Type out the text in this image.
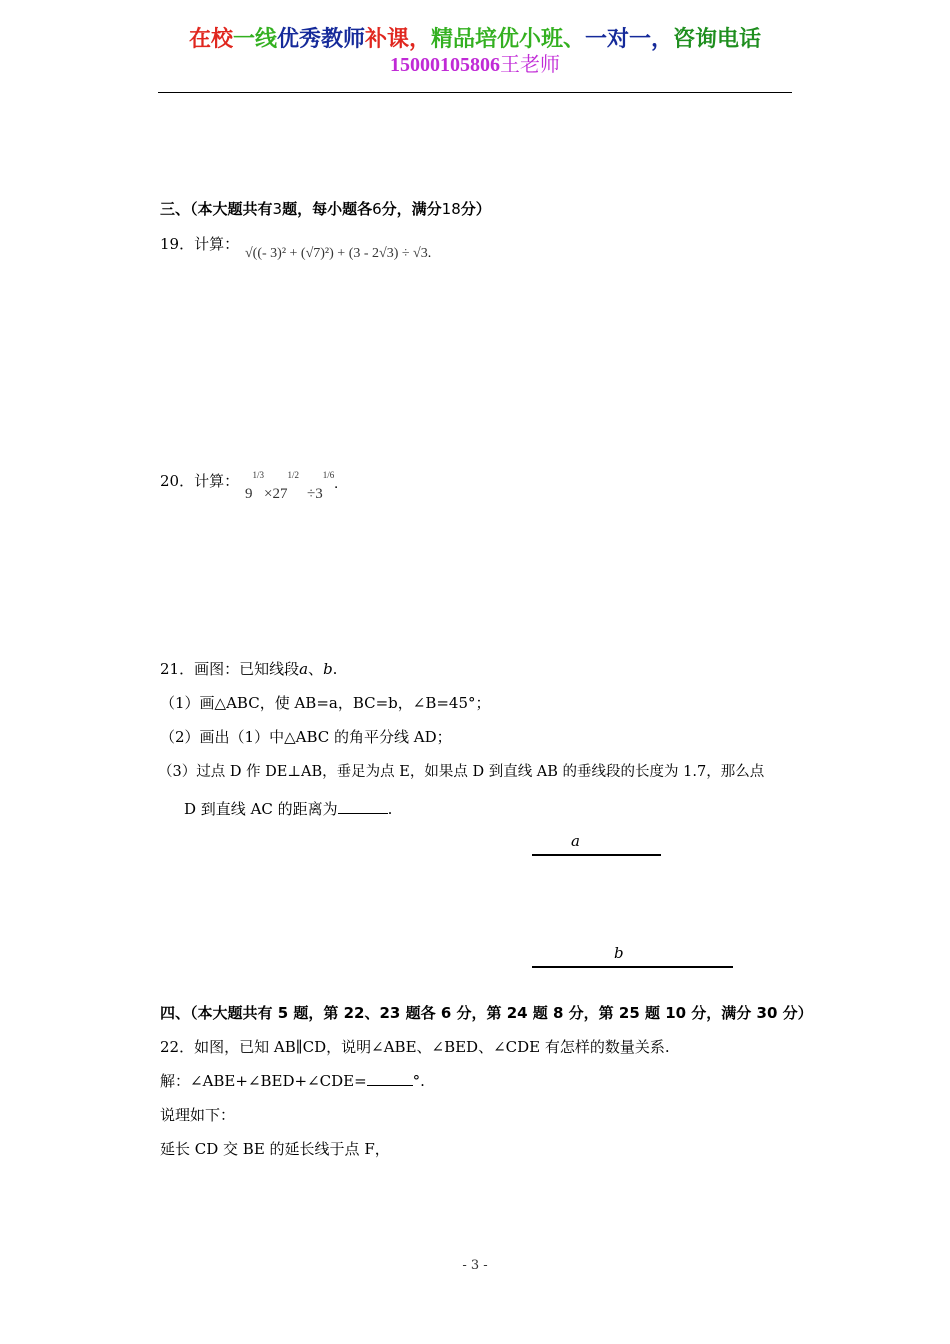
在校一线优秀教师补课，精品培优小班、一对一，咨询电话
15000105806王老师
三、（本大题共有3题，每小题各6分，满分18分）
19．计算：
√((- 3)² + (√7)²) + (3 - 2√3) ÷ √3.
20．计算：
$9^{1/3}\times 27^{1/2}\div 3^{1/6}$.
21．画图：已知线段a、b.
（1）画△ABC，使 AB=a，BC=b，∠B=45°；
（2）画出（1）中△ABC 的角平分线 AD；
（3）过点 D 作 DE⊥AB，垂足为点 E，如果点 D 到直线 AB 的垂线段的长度为 1.7，那么点
D 到直线 AC 的距离为	.
a
b
四、（本大题共有 5 题，第 22、23 题各 6 分，第 24 题 8 分，第 25 题 10 分，满分 30 分）
22．如图，已知 AB∥CD，说明∠ABE、∠BED、∠CDE 有怎样的数量关系.
解：∠ABE+∠BED+∠CDE=	°.
说理如下：
延长 CD 交 BE 的延长线于点 F，
- 3 -
